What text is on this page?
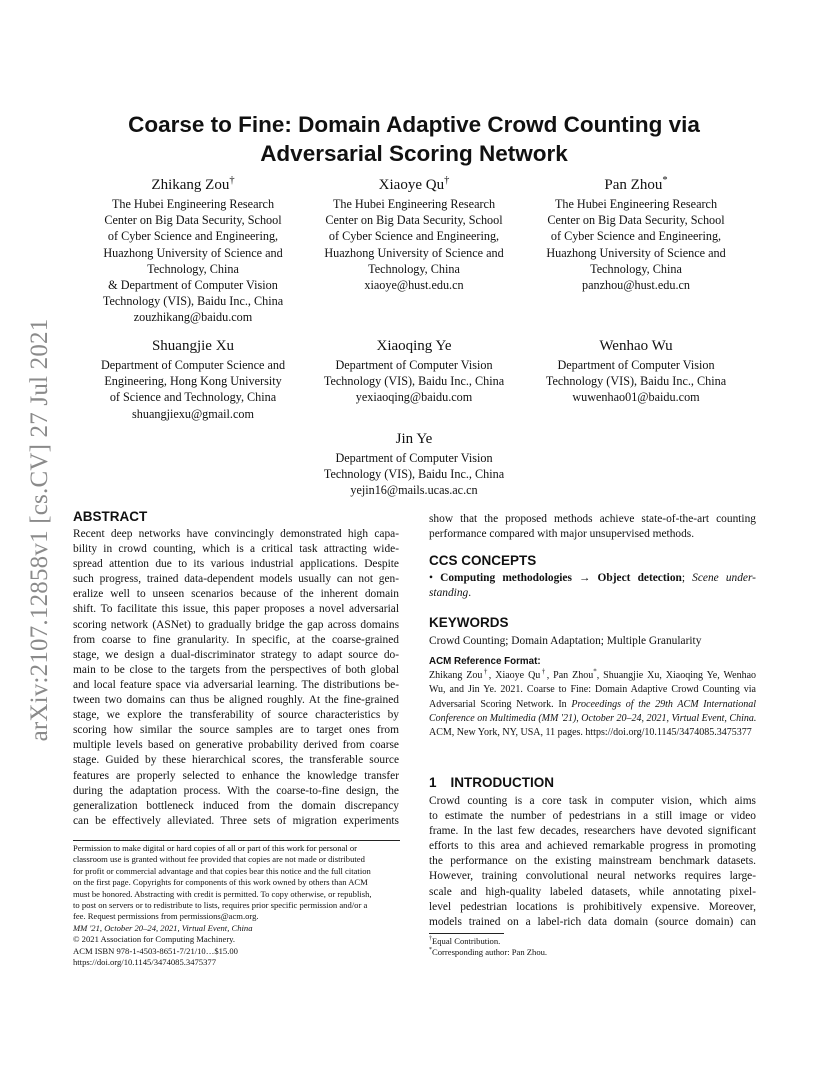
arXiv:2107.12858v1 [cs.CV] 27 Jul 2021
Coarse to Fine: Domain Adaptive Crowd Counting via
Adversarial Scoring Network
Zhikang Zou†
The Hubei Engineering Research
Center on Big Data Security, School
of Cyber Science and Engineering,
Huazhong University of Science and
Technology, China
& Department of Computer Vision
Technology (VIS), Baidu Inc., China
zouzhikang@baidu.com
Xiaoye Qu†
The Hubei Engineering Research
Center on Big Data Security, School
of Cyber Science and Engineering,
Huazhong University of Science and
Technology, China
xiaoye@hust.edu.cn
Pan Zhou*
The Hubei Engineering Research
Center on Big Data Security, School
of Cyber Science and Engineering,
Huazhong University of Science and
Technology, China
panzhou@hust.edu.cn
Shuangjie Xu
Department of Computer Science and
Engineering, Hong Kong University
of Science and Technology, China
shuangjiexu@gmail.com
Xiaoqing Ye
Department of Computer Vision
Technology (VIS), Baidu Inc., China
yexiaoqing@baidu.com
Wenhao Wu
Department of Computer Vision
Technology (VIS), Baidu Inc., China
wuwenhao01@baidu.com
Jin Ye
Department of Computer Vision
Technology (VIS), Baidu Inc., China
yejin16@mails.ucas.ac.cn
ABSTRACT
Recent deep networks have convincingly demonstrated high capa-
bility in crowd counting, which is a critical task attracting wide-
spread attention due to its various industrial applications. Despite
such progress, trained data-dependent models usually can not gen-
eralize well to unseen scenarios because of the inherent domain
shift. To facilitate this issue, this paper proposes a novel adversarial
scoring network (ASNet) to gradually bridge the gap across domains
from coarse to fine granularity. In specific, at the coarse-grained
stage, we design a dual-discriminator strategy to adapt source do-
main to be close to the targets from the perspectives of both global
and local feature space via adversarial learning. The distributions be-
tween two domains can thus be aligned roughly. At the fine-grained
stage, we explore the transferability of source characteristics by
scoring how similar the source samples are to target ones from
multiple levels based on generative probability derived from coarse
stage. Guided by these hierarchical scores, the transferable source
features are properly selected to enhance the knowledge transfer
during the adaptation process. With the coarse-to-fine design, the
generalization bottleneck induced from the domain discrepancy
can be effectively alleviated. Three sets of migration experiments
Permission to make digital or hard copies of all or part of this work for personal or
classroom use is granted without fee provided that copies are not made or distributed
for profit or commercial advantage and that copies bear this notice and the full citation
on the first page. Copyrights for components of this work owned by others than ACM
must be honored. Abstracting with credit is permitted. To copy otherwise, or republish,
to post on servers or to redistribute to lists, requires prior specific permission and/or a
fee. Request permissions from permissions@acm.org.
MM '21, October 20–24, 2021, Virtual Event, China
© 2021 Association for Computing Machinery.
ACM ISBN 978-1-4503-8651-7/21/10…$15.00
https://doi.org/10.1145/3474085.3475377
show that the proposed methods achieve state-of-the-art counting
performance compared with major unsupervised methods.
CCS CONCEPTS
• Computing methodologies → Object detection; Scene under-
standing.
KEYWORDS
Crowd Counting; Domain Adaptation; Multiple Granularity
ACM Reference Format:
Zhikang Zou†, Xiaoye Qu†, Pan Zhou*, Shuangjie Xu, Xiaoqing Ye, Wenhao
Wu, and Jin Ye. 2021. Coarse to Fine: Domain Adaptive Crowd Counting via
Adversarial Scoring Network. In Proceedings of the 29th ACM International
Conference on Multimedia (MM '21), October 20–24, 2021, Virtual Event, China.
ACM, New York, NY, USA, 11 pages. https://doi.org/10.1145/3474085.3475377
1 INTRODUCTION
Crowd counting is a core task in computer vision, which aims
to estimate the number of pedestrians in a still image or video
frame. In the last few decades, researchers have devoted significant
efforts to this area and achieved remarkable progress in promoting
the performance on the existing mainstream benchmark datasets.
However, training convolutional neural networks requires large-
scale and high-quality labeled datasets, while annotating pixel-
level pedestrian locations is prohibitively expensive. Moreover,
models trained on a label-rich data domain (source domain) can
†Equal Contribution.
*Corresponding author: Pan Zhou.
